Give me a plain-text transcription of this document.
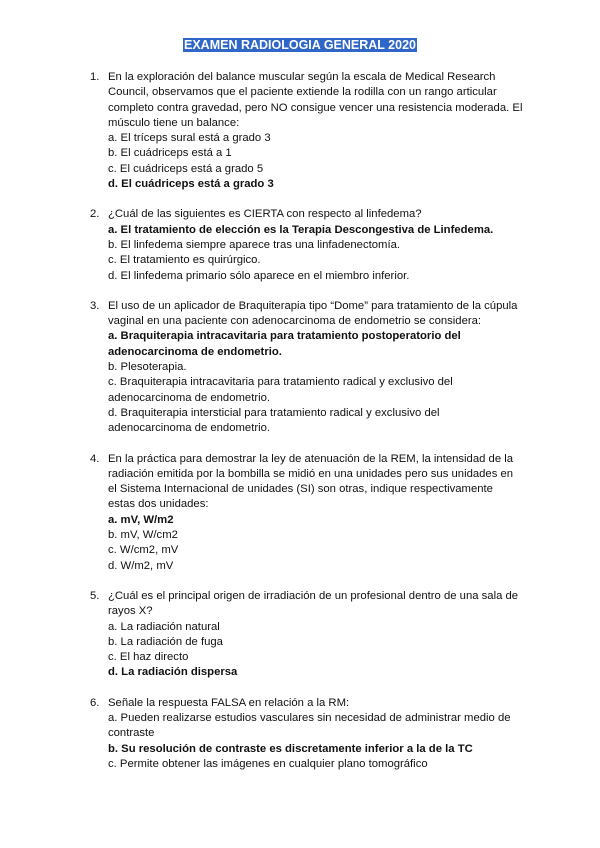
EXAMEN RADIOLOGIA GENERAL 2020
1. En la exploración del balance muscular según la escala de Medical Research Council, observamos que el paciente extiende la rodilla con un rango articular completo contra gravedad, pero NO consigue vencer una resistencia moderada. El músculo tiene un balance:
a. El tríceps sural está a grado 3
b. El cuádriceps está a 1
c. El cuádriceps está a grado 5
d. El cuádriceps está a grado 3
2. ¿Cuál de las siguientes es CIERTA con respecto al linfedema?
a. El tratamiento de elección es la Terapia Descongestiva de Linfedema.
b. El linfedema siempre aparece tras una linfadenectomía.
c. El tratamiento es quirúrgico.
d. El linfedema primario sólo aparece en el miembro inferior.
3. El uso de un aplicador de Braquiterapia tipo “Dome” para tratamiento de la cúpula vaginal en una paciente con adenocarcinoma de endometrio se considera:
a. Braquiterapia intracavitaria para tratamiento postoperatorio del adenocarcinoma de endometrio.
b. Plesoterapia.
c. Braquiterapia intracavitaria para tratamiento radical y exclusivo del adenocarcinoma de endometrio.
d. Braquiterapia intersticial para tratamiento radical y exclusivo del adenocarcinoma de endometrio.
4. En la práctica para demostrar la ley de atenuación de la REM, la intensidad de la radiación emitida por la bombilla se midió en una unidades pero sus unidades en el Sistema Internacional de unidades (SI) son otras, indique respectivamente estas dos unidades:
a. mV, W/m2
b. mV, W/cm2
c. W/cm2, mV
d. W/m2, mV
5. ¿Cuál es el principal origen de irradiación de un profesional dentro de una sala de rayos X?
a. La radiación natural
b. La radiación de fuga
c. El haz directo
d. La radiación dispersa
6. Señale la respuesta FALSA en relación a la RM:
a. Pueden realizarse estudios vasculares sin necesidad de administrar medio de contraste
b. Su resolución de contraste es discretamente inferior a la de la TC
c. Permite obtener las imágenes en cualquier plano tomográfico
